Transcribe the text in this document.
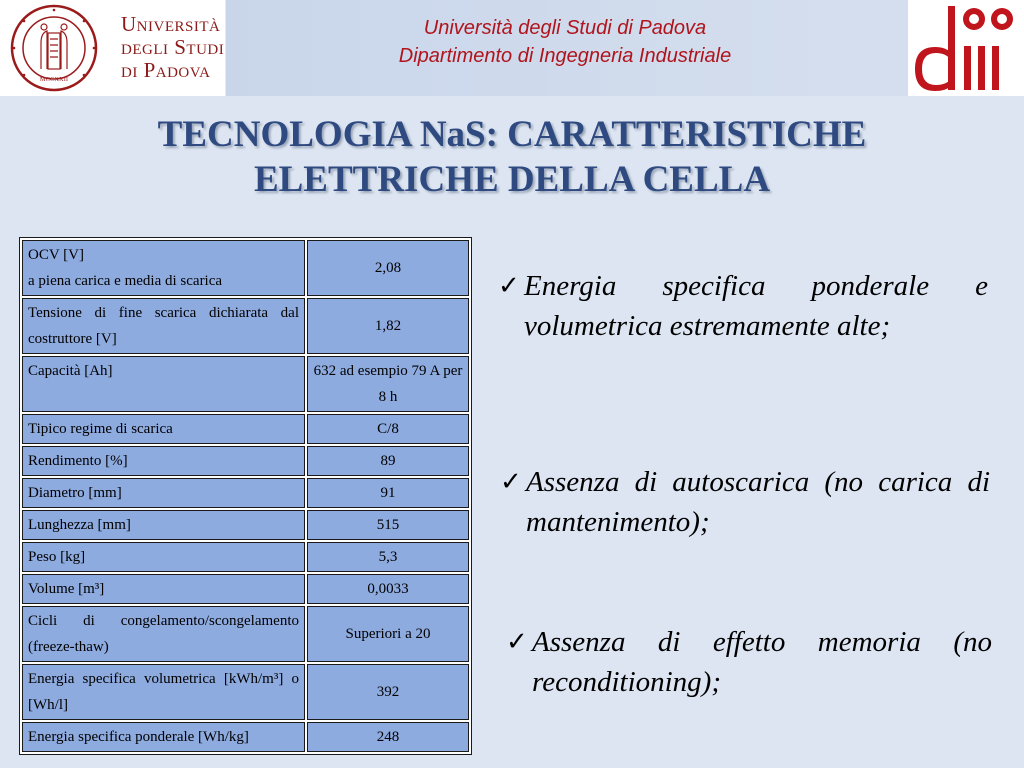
MCCXXII
Università
degli Studi
di Padova
Università degli Studi di Padova
Dipartimento di Ingegneria Industriale
TECNOLOGIA NaS: CARATTERISTICHE
ELETTRICHE DELLA CELLA
OCV [V]
a piena carica e media di scarica	2,08
Tensione di fine scarica dichiarata dal costruttore [V]	1,82
Capacità [Ah]	632 ad esempio 79 A per 8 h
Tipico regime di scarica	C/8
Rendimento [%]	89
Diametro [mm]	91
Lunghezza [mm]	515
Peso [kg]	5,3
Volume [m³]	0,0033
Cicli di congelamento/scongelamento (freeze-thaw)	Superiori a 20
Energia specifica volumetrica [kWh/m³] o [Wh/l]	392
Energia specifica ponderale [Wh/kg]	248
✓ Energia specifica ponderale e volumetrica estremamente alte;
✓ Assenza di autoscarica (no carica di mantenimento);
✓ Assenza di effetto memoria (no reconditioning);
